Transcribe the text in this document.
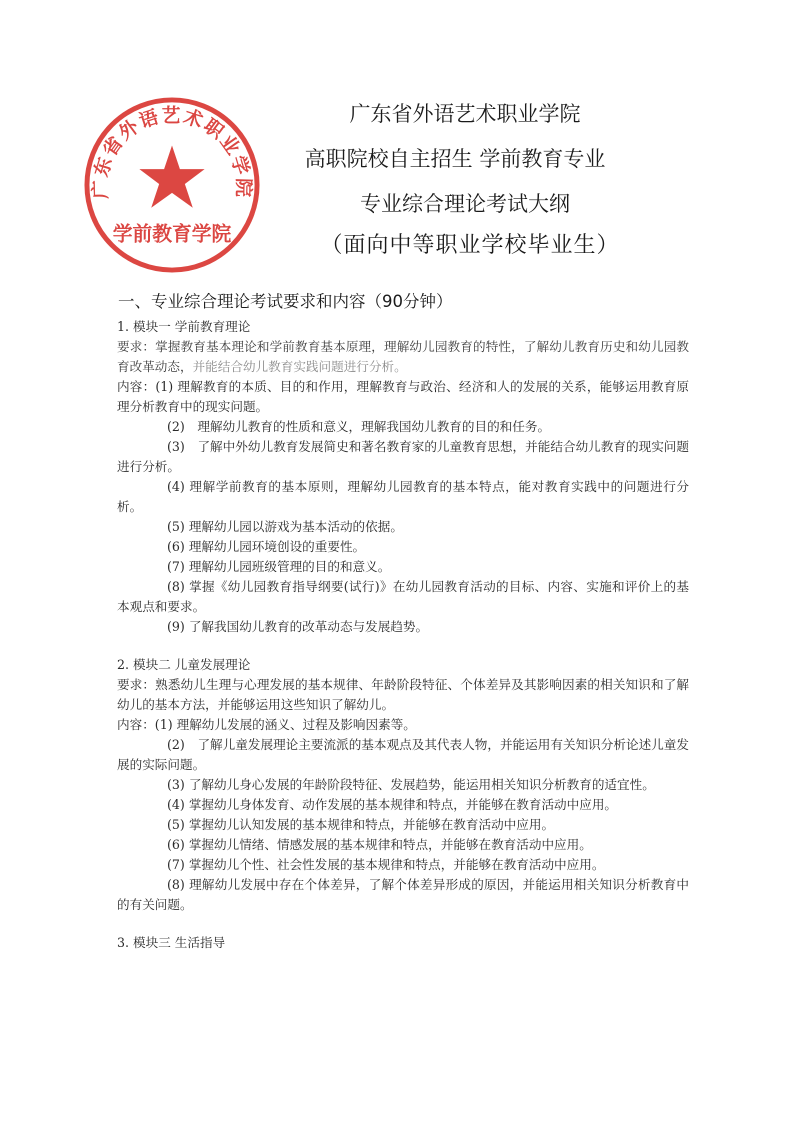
广东省外语艺术职业学院
学前教育学院
广东省外语艺术职业学院
高职院校自主招生 学前教育专业
专业综合理论考试大纲
（面向中等职业学校毕业生）
一、专业综合理论考试要求和内容（90分钟）

1. 模块一 学前教育理论

要求：掌握教育基本理论和学前教育基本原理，理解幼儿园教育的特性，了解幼儿教育历史和幼儿园教育改革动态，并能结合幼儿教育实践问题进行分析。

内容：(1) 理解教育的本质、目的和作用，理解教育与政治、经济和人的发展的关系，能够运用教育原理分析教育中的现实问题。

(2)　理解幼儿教育的性质和意义，理解我国幼儿教育的目的和任务。

(3)　了解中外幼儿教育发展简史和著名教育家的儿童教育思想，并能结合幼儿教育的现实问题进行分析。

(4) 理解学前教育的基本原则，理解幼儿园教育的基本特点，能对教育实践中的问题进行分析。

(5) 理解幼儿园以游戏为基本活动的依据。

(6) 理解幼儿园环境创设的重要性。

(7) 理解幼儿园班级管理的目的和意义。

(8) 掌握《幼儿园教育指导纲要(试行)》在幼儿园教育活动的目标、内容、实施和评价上的基本观点和要求。

(9) 了解我国幼儿教育的改革动态与发展趋势。

2. 模块二 儿童发展理论

要求：熟悉幼儿生理与心理发展的基本规律、年龄阶段特征、个体差异及其影响因素的相关知识和了解幼儿的基本方法，并能够运用这些知识了解幼儿。

内容：(1) 理解幼儿发展的涵义、过程及影响因素等。

(2)　了解儿童发展理论主要流派的基本观点及其代表人物，并能运用有关知识分析论述儿童发展的实际问题。

(3) 了解幼儿身心发展的年龄阶段特征、发展趋势，能运用相关知识分析教育的适宜性。

(4) 掌握幼儿身体发育、动作发展的基本规律和特点，并能够在教育活动中应用。

(5) 掌握幼儿认知发展的基本规律和特点，并能够在教育活动中应用。

(6) 掌握幼儿情绪、情感发展的基本规律和特点，并能够在教育活动中应用。

(7) 掌握幼儿个性、社会性发展的基本规律和特点，并能够在教育活动中应用。

(8) 理解幼儿发展中存在个体差异，了解个体差异形成的原因，并能运用相关知识分析教育中的有关问题。

3. 模块三 生活指导
